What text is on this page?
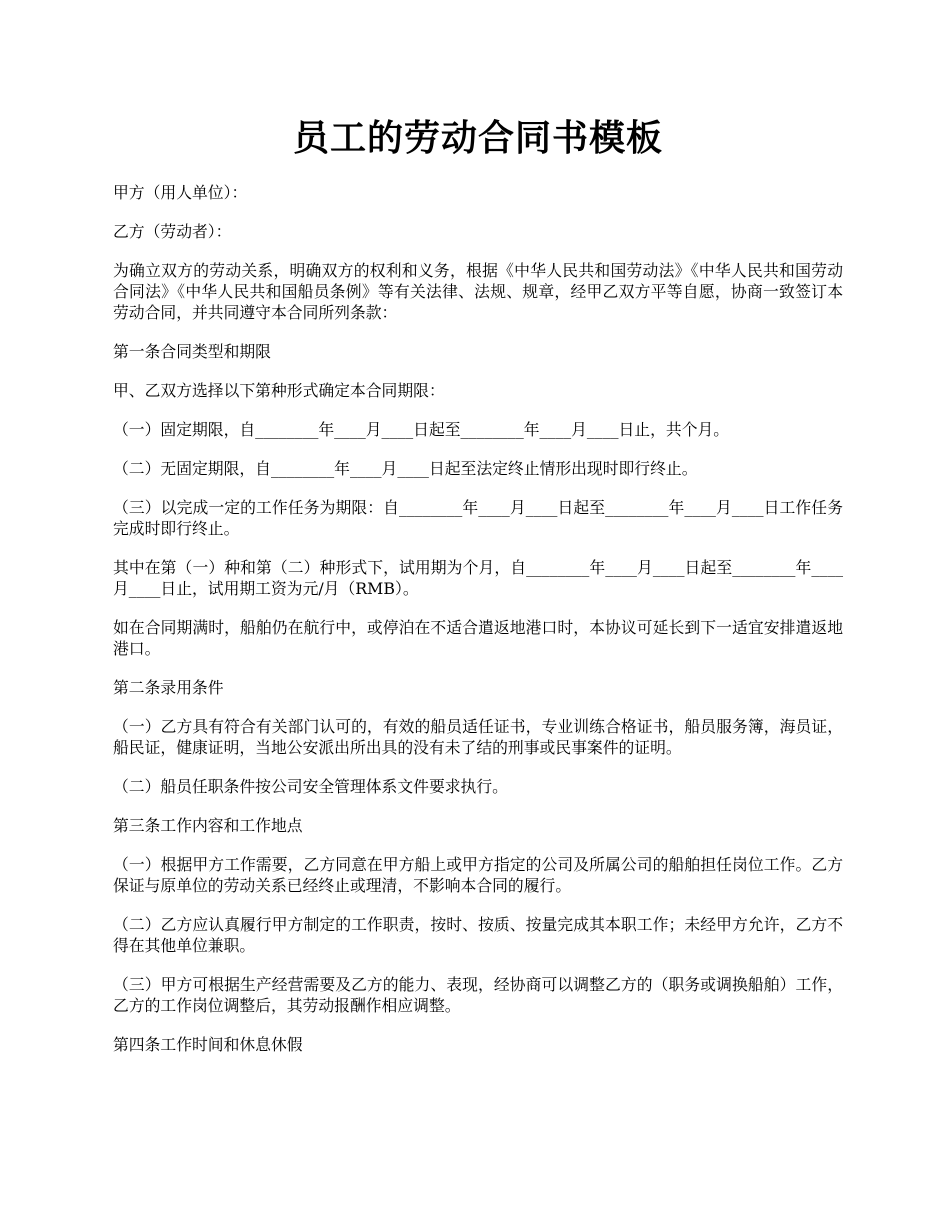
员工的劳动合同书模板

甲方（用人单位）：

乙方（劳动者）：

为确立双方的劳动关系，明确双方的权利和义务，根据《中华人民共和国劳动法》《中华人民共和国劳动合同法》《中华人民共和国船员条例》等有关法律、法规、规章，经甲乙双方平等自愿，协商一致签订本劳动合同，并共同遵守本合同所列条款：

第一条合同类型和期限

甲、乙双方选择以下第种形式确定本合同期限：

（一）固定期限，自________年____月____日起至________年____月____日止，共个月。

（二）无固定期限，自________年____月____日起至法定终止情形出现时即行终止。

（三）以完成一定的工作任务为期限：自________年____月____日起至________年____月____日工作任务完成时即行终止。

其中在第（一）种和第（二）种形式下，试用期为个月，自________年____月____日起至________年____月____日止，试用期工资为元/月（RMB）。

如在合同期满时，船舶仍在航行中，或停泊在不适合遣返地港口时，本协议可延长到下一适宜安排遣返地港口。

第二条录用条件

（一）乙方具有符合有关部门认可的，有效的船员适任证书，专业训练合格证书，船员服务簿，海员证，船民证，健康证明，当地公安派出所出具的没有未了结的刑事或民事案件的证明。

（二）船员任职条件按公司安全管理体系文件要求执行。

第三条工作内容和工作地点

（一）根据甲方工作需要，乙方同意在甲方船上或甲方指定的公司及所属公司的船舶担任岗位工作。乙方保证与原单位的劳动关系已经终止或理清，不影响本合同的履行。

（二）乙方应认真履行甲方制定的工作职责，按时、按质、按量完成其本职工作；未经甲方允许，乙方不得在其他单位兼职。

（三）甲方可根据生产经营需要及乙方的能力、表现，经协商可以调整乙方的（职务或调换船舶）工作，乙方的工作岗位调整后，其劳动报酬作相应调整。

第四条工作时间和休息休假
